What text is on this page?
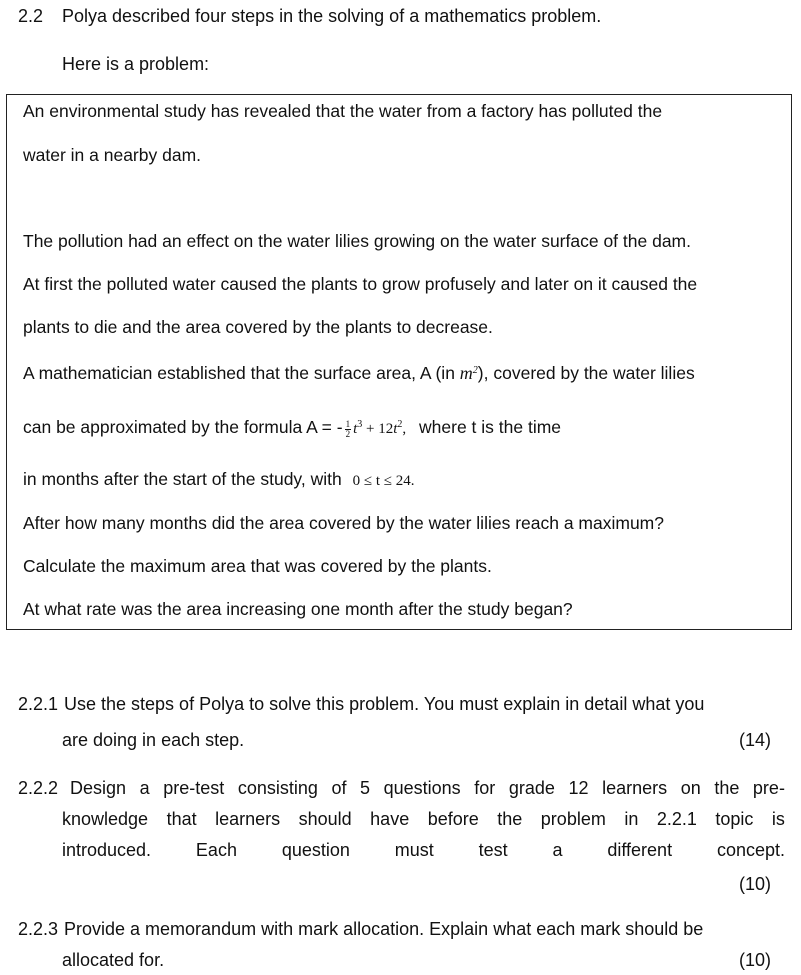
2.2 Polya described four steps in the solving of a mathematics problem.
Here is a problem:
An environmental study has revealed that the water from a factory has polluted the
water in a nearby dam.
The pollution had an effect on the water lilies growing on the water surface of the dam.
At first the polluted water caused the plants to grow profusely and later on it caused the
plants to die and the area covered by the plants to decrease.
A mathematician established that the surface area, A (in $m^2$), covered by the water lilies
can be approximated by the formula A = - $\frac{1}{2} t^3 + 12t^2$, where t is the time
in months after the start of the study, with 0 ≤ t ≤ 24.
After how many months did the area covered by the water lilies reach a maximum?
Calculate the maximum area that was covered by the plants.
At what rate was the area increasing one month after the study began?
2.2.1 Use the steps of Polya to solve this problem. You must explain in detail what you
are doing in each step.	(14)
2.2.2 Design a pre-test consisting of 5 questions for grade 12 learners on the pre-
knowledge that learners should have before the problem in 2.2.1 topic is
introduced. Each question must test a different concept.
(10)
2.2.3 Provide a memorandum with mark allocation. Explain what each mark should be
allocated for.	(10)
